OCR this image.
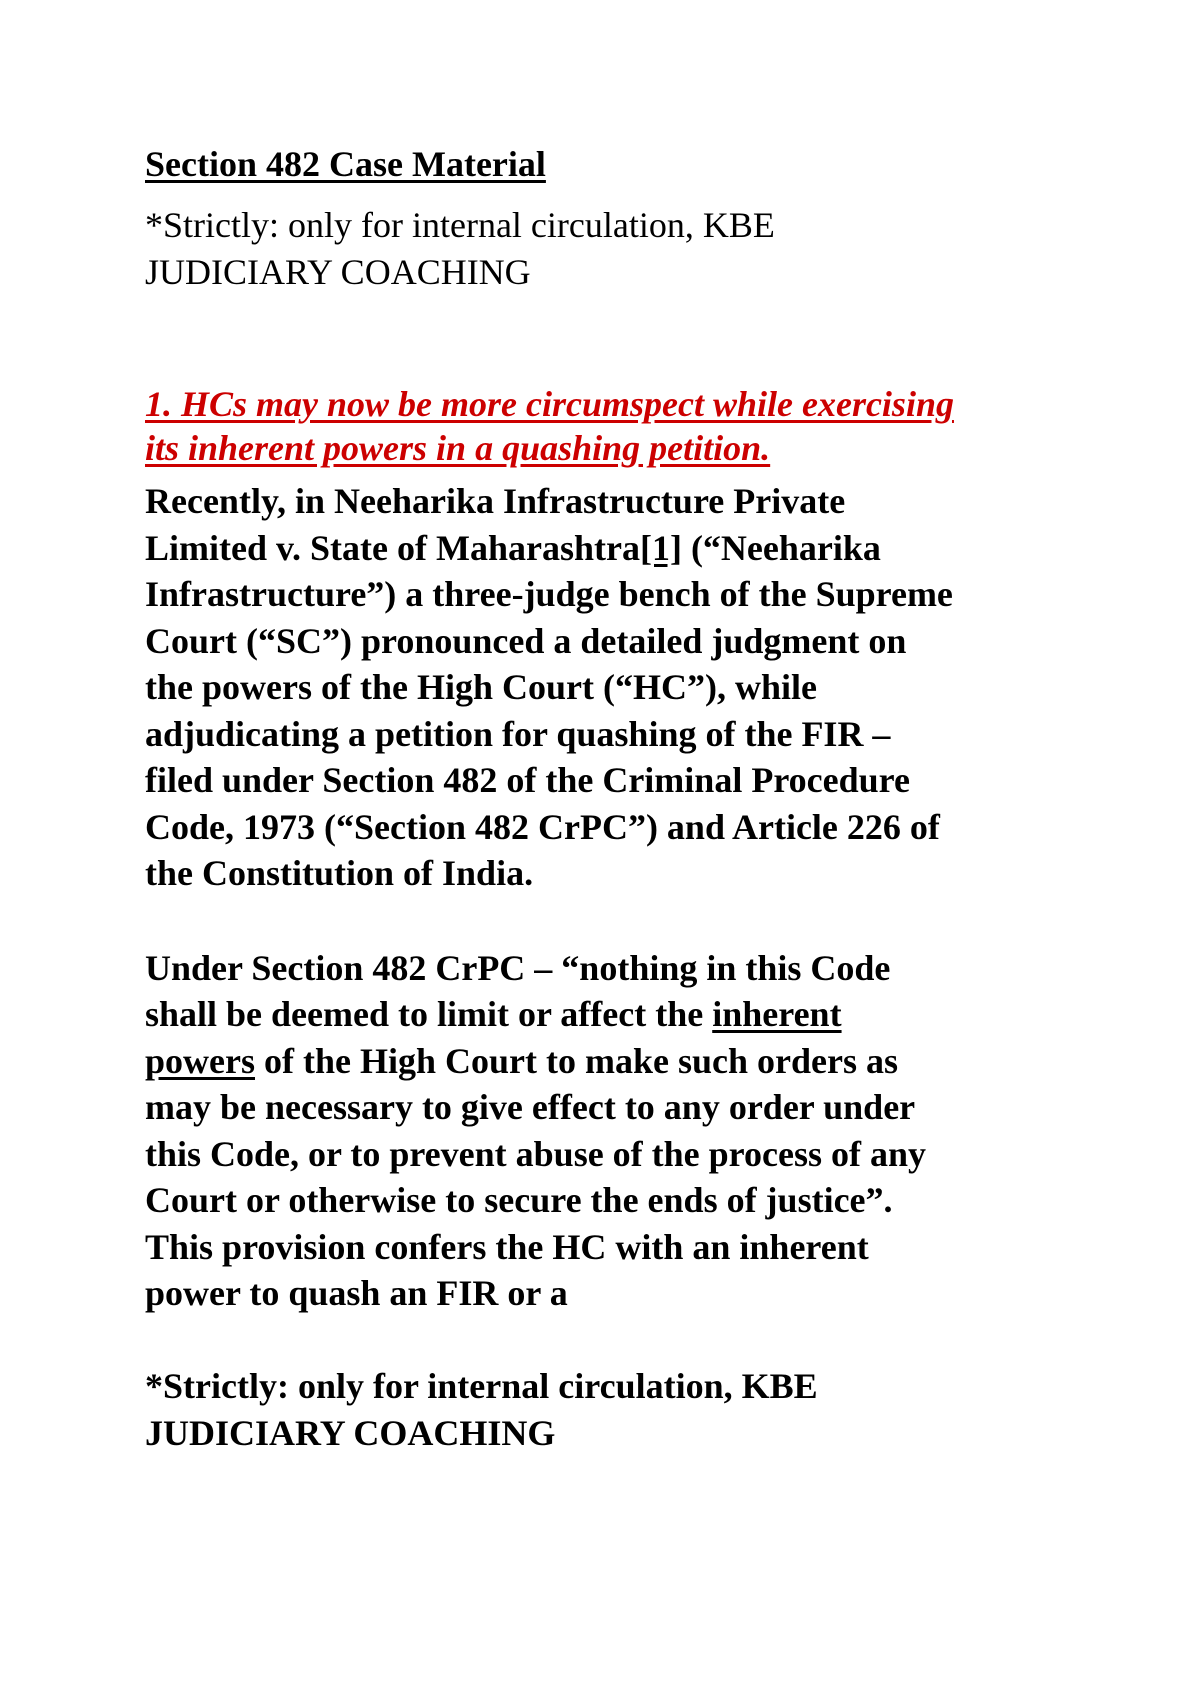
Section 482 Case Material

*Strictly: only for internal circulation, KBE
JUDICIARY COACHING

1. HCs may now be more circumspect while exercising
its inherent powers in a quashing petition.
Recently, in Neeharika Infrastructure Private
Limited v. State of Maharashtra[1] (“Neeharika
Infrastructure”) a three-judge bench of the Supreme
Court (“SC”) pronounced a detailed judgment on
the powers of the High Court (“HC”), while
adjudicating a petition for quashing of the FIR –
filed under Section 482 of the Criminal Procedure
Code, 1973 (“Section 482 CrPC”) and Article 226 of
the Constitution of India.
Under Section 482 CrPC – “nothing in this Code
shall be deemed to limit or affect the inherent
powers of the High Court to make such orders as
may be necessary to give effect to any order under
this Code, or to prevent abuse of the process of any
Court or otherwise to secure the ends of justice”.
This provision confers the HC with an inherent
power to quash an FIR or a
*Strictly: only for internal circulation, KBE
JUDICIARY COACHING
